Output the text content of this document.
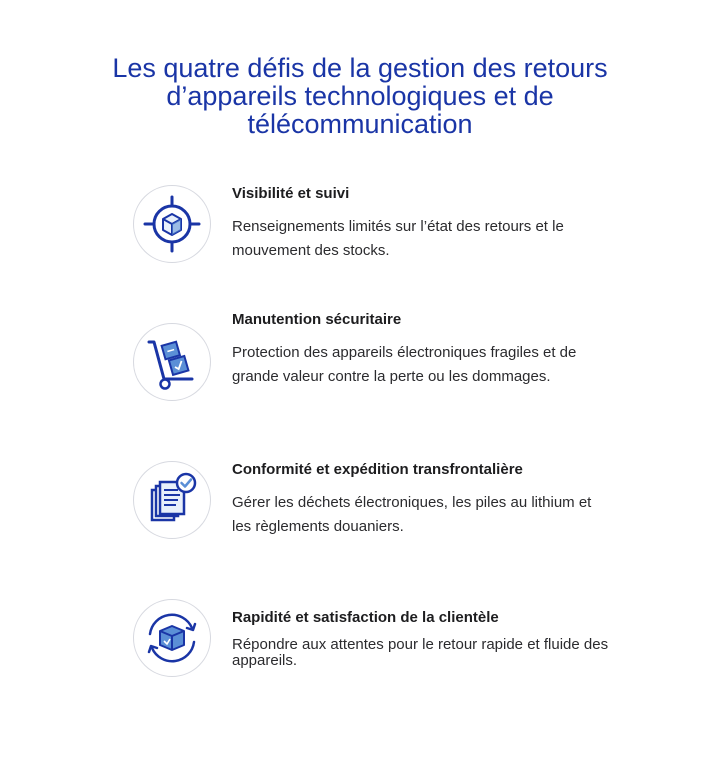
Les quatre défis de la gestion des retours d’appareils technologiques et de télécommunication
Visibilité et suivi

Renseignements limités sur l’état des retours et le mouvement des stocks.

Manutention sécuritaire

Protection des appareils électroniques fragiles et de grande valeur contre la perte ou les dommages.

Conformité et expédition transfrontalière

Gérer les déchets électroniques, les piles au lithium et les règlements douaniers.

Rapidité et satisfaction de la clientèle

Répondre aux attentes pour le retour rapide et fluide des appareils.
